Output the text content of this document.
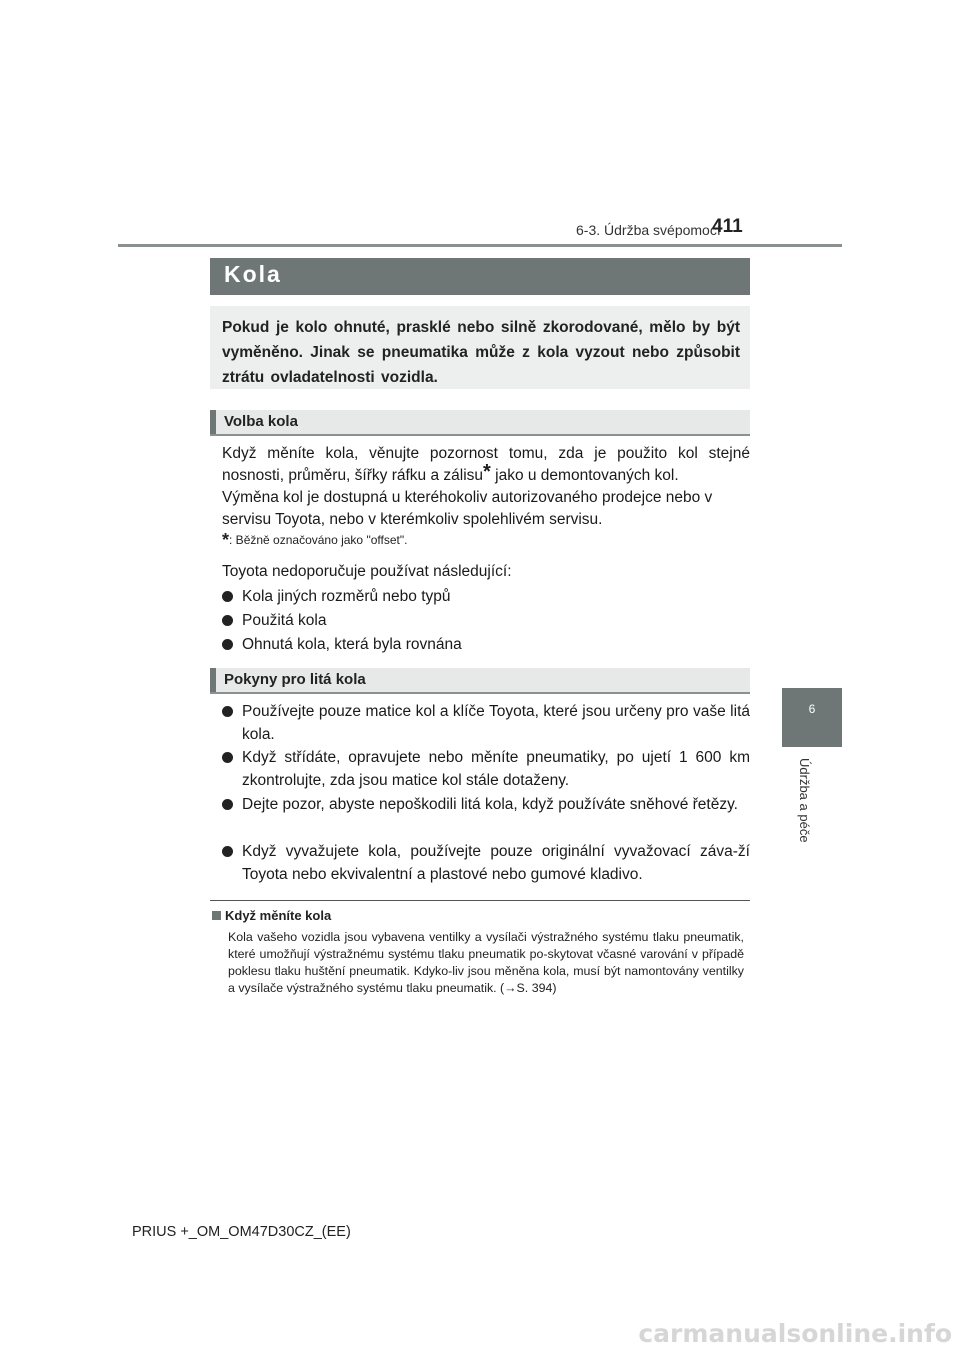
6-3. Údržba svépomocí
411
6
Údržba a péče
Kola
Pokud je kolo ohnuté, prasklé nebo silně zkorodované, mělo by být vyměněno. Jinak se pneumatika může z kola vyzout nebo způsobit ztrátu ovladatelnosti vozidla.
Volba kola
Když měníte kola, věnujte pozornost tomu, zda je použito kol stejné nosnosti, průměru, šířky ráfku a zálisu* jako u demontovaných kol.
Výměna kol je dostupná u kteréhokoliv autorizovaného prodejce nebo v servisu Toyota, nebo v kterémkoliv spolehlivém servisu.
*: Běžně označováno jako "offset".
Toyota nedoporučuje používat následující:
Kola jiných rozměrů nebo typů
Použitá kola
Ohnutá kola, která byla rovnána
Pokyny pro litá kola
Používejte pouze matice kol a klíče Toyota, které jsou určeny pro vaše litá kola.
Když střídáte, opravujete nebo měníte pneumatiky, po ujetí 1 600 km zkontrolujte, zda jsou matice kol stále dotaženy.
Dejte pozor, abyste nepoškodili litá kola, když používáte sněhové řetězy.
Když vyvažujete kola, používejte pouze originální vyvažovací záva-ží Toyota nebo ekvivalentní a plastové nebo gumové kladivo.
Když měníte kola
Kola vašeho vozidla jsou vybavena ventilky a vysílači výstražného systému tlaku pneumatik, které umožňují výstražnému systému tlaku pneumatik po-skytovat včasné varování v případě poklesu tlaku huštění pneumatik. Kdyko-liv jsou měněna kola, musí být namontovány ventilky a vysílače výstražného systému tlaku pneumatik. (→S. 394)
PRIUS +_OM_OM47D30CZ_(EE)
carmanualsonline.info
